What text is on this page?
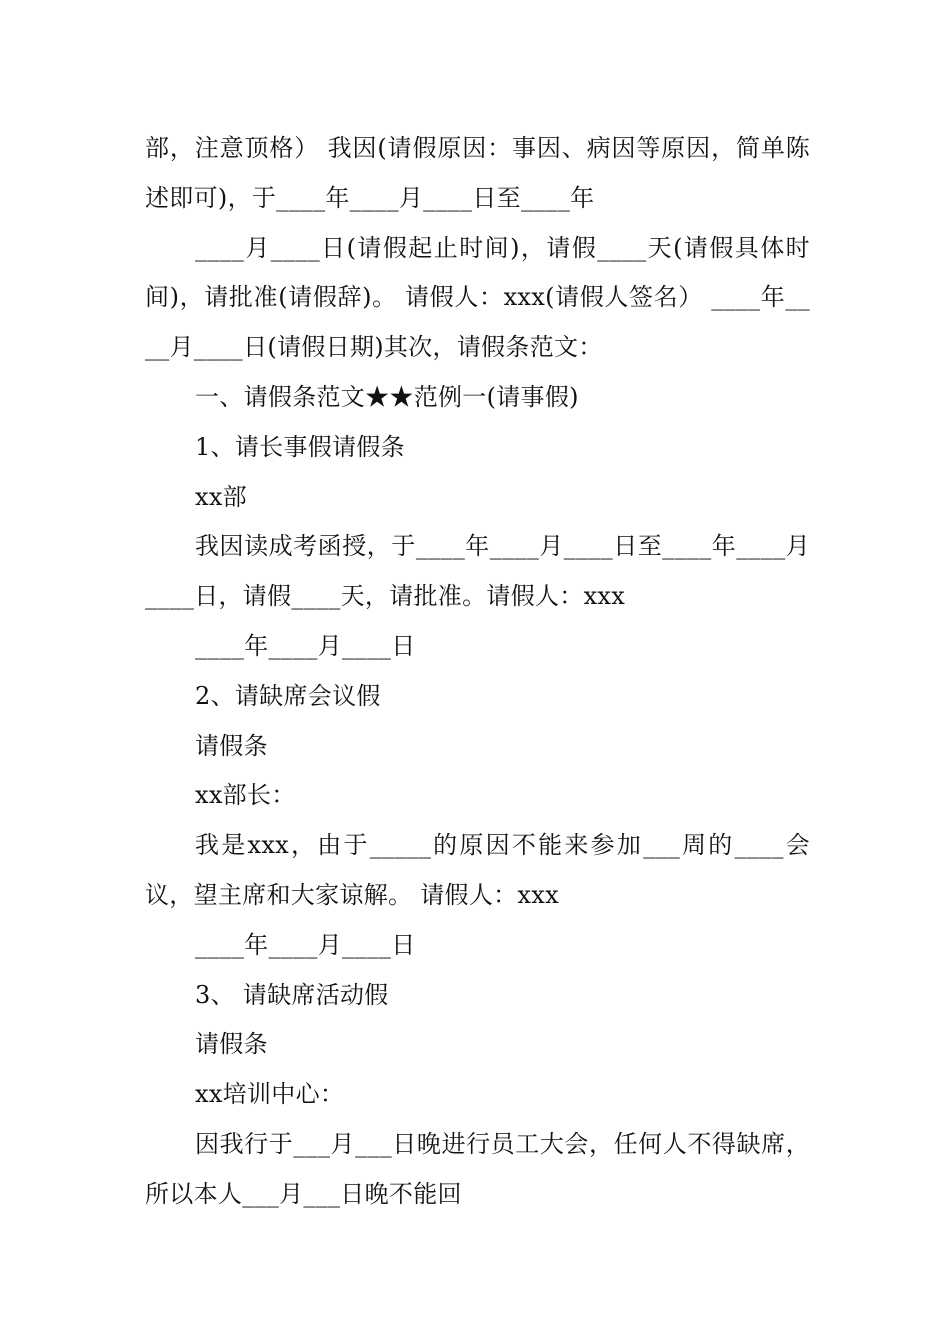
部，注意顶格） 我因(请假原因：事因、病因等原因，简单陈述即可)，于____年____月____日至____年

____月____日(请假起止时间)，请假____天(请假具体时间)，请批准(请假辞)。 请假人：xxx(请假人签名） ____年____月____日(请假日期)其次，请假条范文：

一、请假条范文★★范例一(请事假)

1、请长事假请假条

xx部

我因读成考函授，于____年____月____日至____年____月____日，请假____天，请批准。请假人：xxx

____年____月____日

2、请缺席会议假

请假条

xx部长：

我是xxx，由于_____的原因不能来参加___周的____会议，望主席和大家谅解。 请假人：xxx

____年____月____日

3、 请缺席活动假

请假条

xx培训中心：

因我行于___月___日晚进行员工大会，任何人不得缺席，所以本人___月___日晚不能回
